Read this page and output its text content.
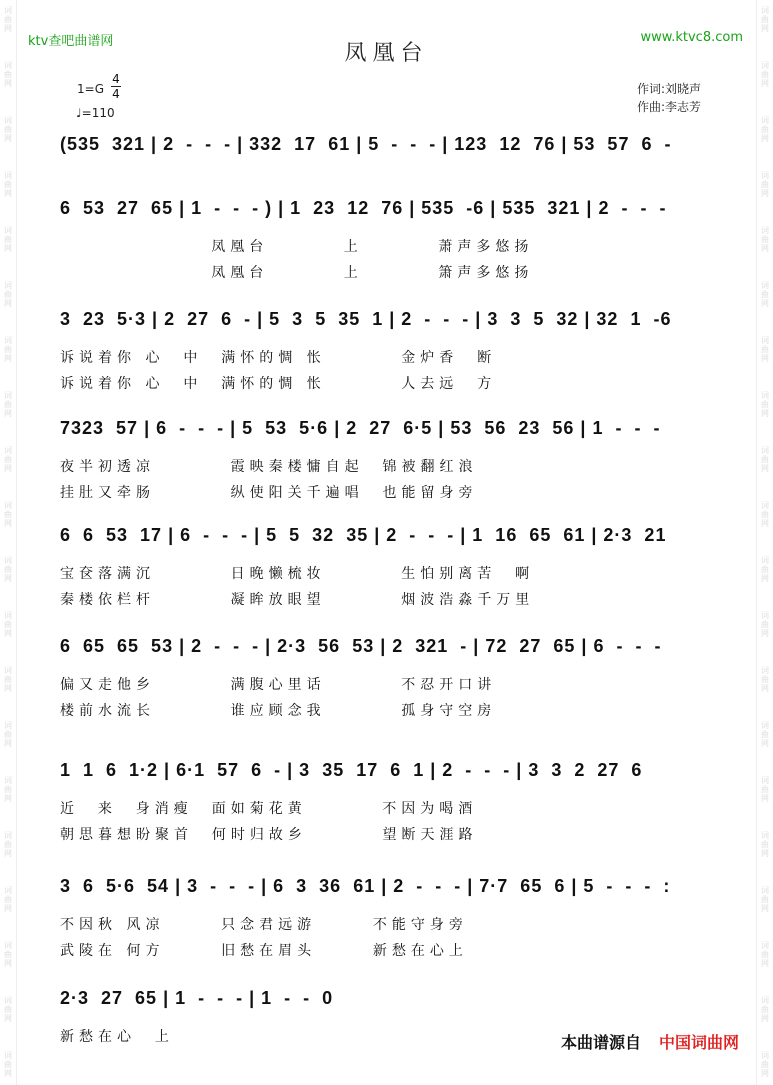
词
曲
网
词
曲
网
词
曲
网
词
曲
网
词
曲
网
词
曲
网
词
曲
网
词
曲
网
词
曲
网
词
曲
网
词
曲
网
词
曲
网
词
曲
网
词
曲
网
词
曲
网
词
曲
网
词
曲
网
词
曲
网
词
曲
网
词
曲
网
词
曲
网
词
曲
网
词
曲
网
词
曲
网
词
曲
网
词
曲
网
词
曲
网
词
曲
网
词
曲
网
词
曲
网
词
曲
网
词
曲
网
词
曲
网
词
曲
网
词
曲
网
词
曲
网
词
曲
网
词
曲
网
词
曲
网
词
曲
网
ktv查吧曲谱网	www.ktvc8.com
凤凰台
1=G
4
4
♩=110
作词:刘晓声
作曲:李志芳
(535  321 | 2  -  -  - | 332  17  61 | 5  -  -  - | 123  12  76 | 53  57  6  -
6  53  27  65 | 1  -  -  - ) | 1  23  12  76 | 535  -6 | 535  321 | 2  -  -  -
凤凰台        上        萧声多悠扬
凤凰台        上        箫声多悠扬
3  23  5·3 | 2  27  6  - | 5  3  5  35  1 | 2  -  -  - | 3  3  5  32 | 32  1  -6
诉说着你 心  中  满怀的惆 怅        金炉香  断
诉说着你 心  中  满怀的惆 怅        人去远  方
7323  57 | 6  -  -  - | 5  53  5·6 | 2  27  6·5 | 53  56  23  56 | 1  -  -  -
夜半初透凉        霞映秦楼慵自起  锦被翻红浪
挂肚又牵肠        纵使阳关千遍唱  也能留身旁
6  6  53  17 | 6  -  -  - | 5  5  32  35 | 2  -  -  - | 1  16  65  61 | 2·3  21
宝奁落满沉        日晚懒梳妆        生怕别离苦  啊
秦楼依栏杆        凝眸放眼望        烟波浩淼千万里
6  65  65  53 | 2  -  -  - | 2·3  56  53 | 2  321  - | 72  27  65 | 6  -  -  -
偏又走他乡        满腹心里话        不忍开口讲
楼前水流长        谁应顾念我        孤身守空房
1  1  6  1·2 | 6·1  57  6  - | 3  35  17  6  1 | 2  -  -  - | 3  3  2  27  6
近  来  身消瘦  面如菊花黄        不因为喝酒
朝思暮想盼聚首  何时归故乡        望断天涯路
3  6  5·6  54 | 3  -  -  - | 6  3  36  61 | 2  -  -  - | 7·7  65  6 | 5  -  -  -  :
不因秋 风凉      只念君远游      不能守身旁
武陵在 何方      旧愁在眉头      新愁在心上
2·3  27  65 | 1  -  -  - | 1  -  -  0
新愁在心  上	本曲谱源自 中国词曲网
